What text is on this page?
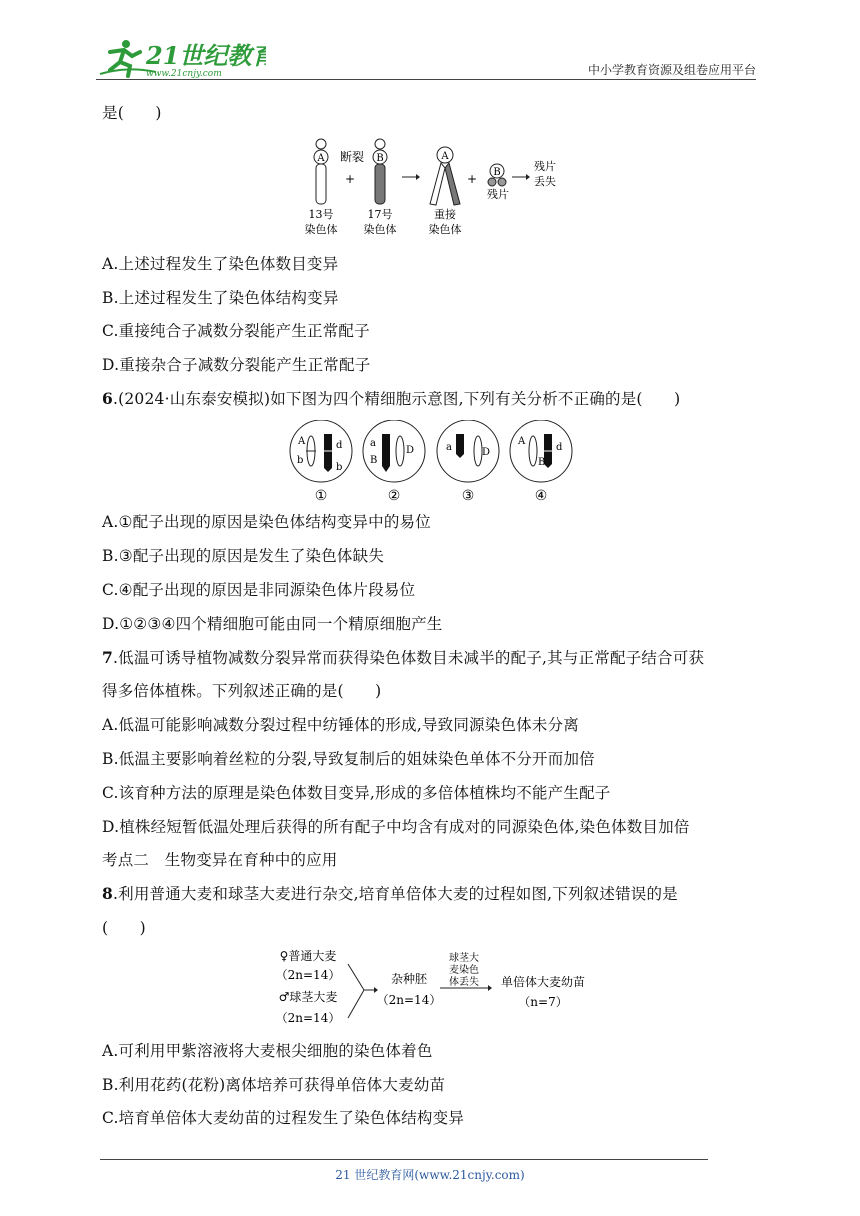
21世纪教育
www.21cnjy.com	中小学教育资源及组卷应用平台
是(　　)
A 断裂
+
B
13号
染色体
17号
染色体
A
重接
染色体
+ B
残片
残片
丢失
A.上述过程发生了染色体数目变异
B.上述过程发生了染色体结构变异
C.重接纯合子减数分裂能产生正常配子
D.重接杂合子减数分裂能产生正常配子
6.(2024·山东泰安模拟)如下图为四个精细胞示意图,下列有关分析不正确的是(　　)
A
b
d
b
①
a
B
D
②
a	D
③
A
B
d
④
A.①配子出现的原因是染色体结构变异中的易位
B.③配子出现的原因是发生了染色体缺失
C.④配子出现的原因是非同源染色体片段易位
D.①②③④四个精细胞可能由同一个精原细胞产生
7.低温可诱导植物减数分裂异常而获得染色体数目未减半的配子,其与正常配子结合可获
得多倍体植株。下列叙述正确的是(　　)
A.低温可能影响减数分裂过程中纺锤体的形成,导致同源染色体未分离
B.低温主要影响着丝粒的分裂,导致复制后的姐妹染色单体不分开而加倍
C.该育种方法的原理是染色体数目变异,形成的多倍体植株均不能产生配子
D.植株经短暂低温处理后获得的所有配子中均含有成对的同源染色体,染色体数目加倍
考点二　生物变异在育种中的应用
8.利用普通大麦和球茎大麦进行杂交,培育单倍体大麦的过程如图,下列叙述错误的是
(　　)
♀普通大麦
（2n=14）
♂球茎大麦
（2n=14）
杂种胚
（2n=14）
球茎大
麦染色
体丢失 单倍体大麦幼苗
（n=7）
A.可利用甲紫溶液将大麦根尖细胞的染色体着色
B.利用花药(花粉)离体培养可获得单倍体大麦幼苗
C.培育单倍体大麦幼苗的过程发生了染色体结构变异
21 世纪教育网(www.21cnjy.com)
